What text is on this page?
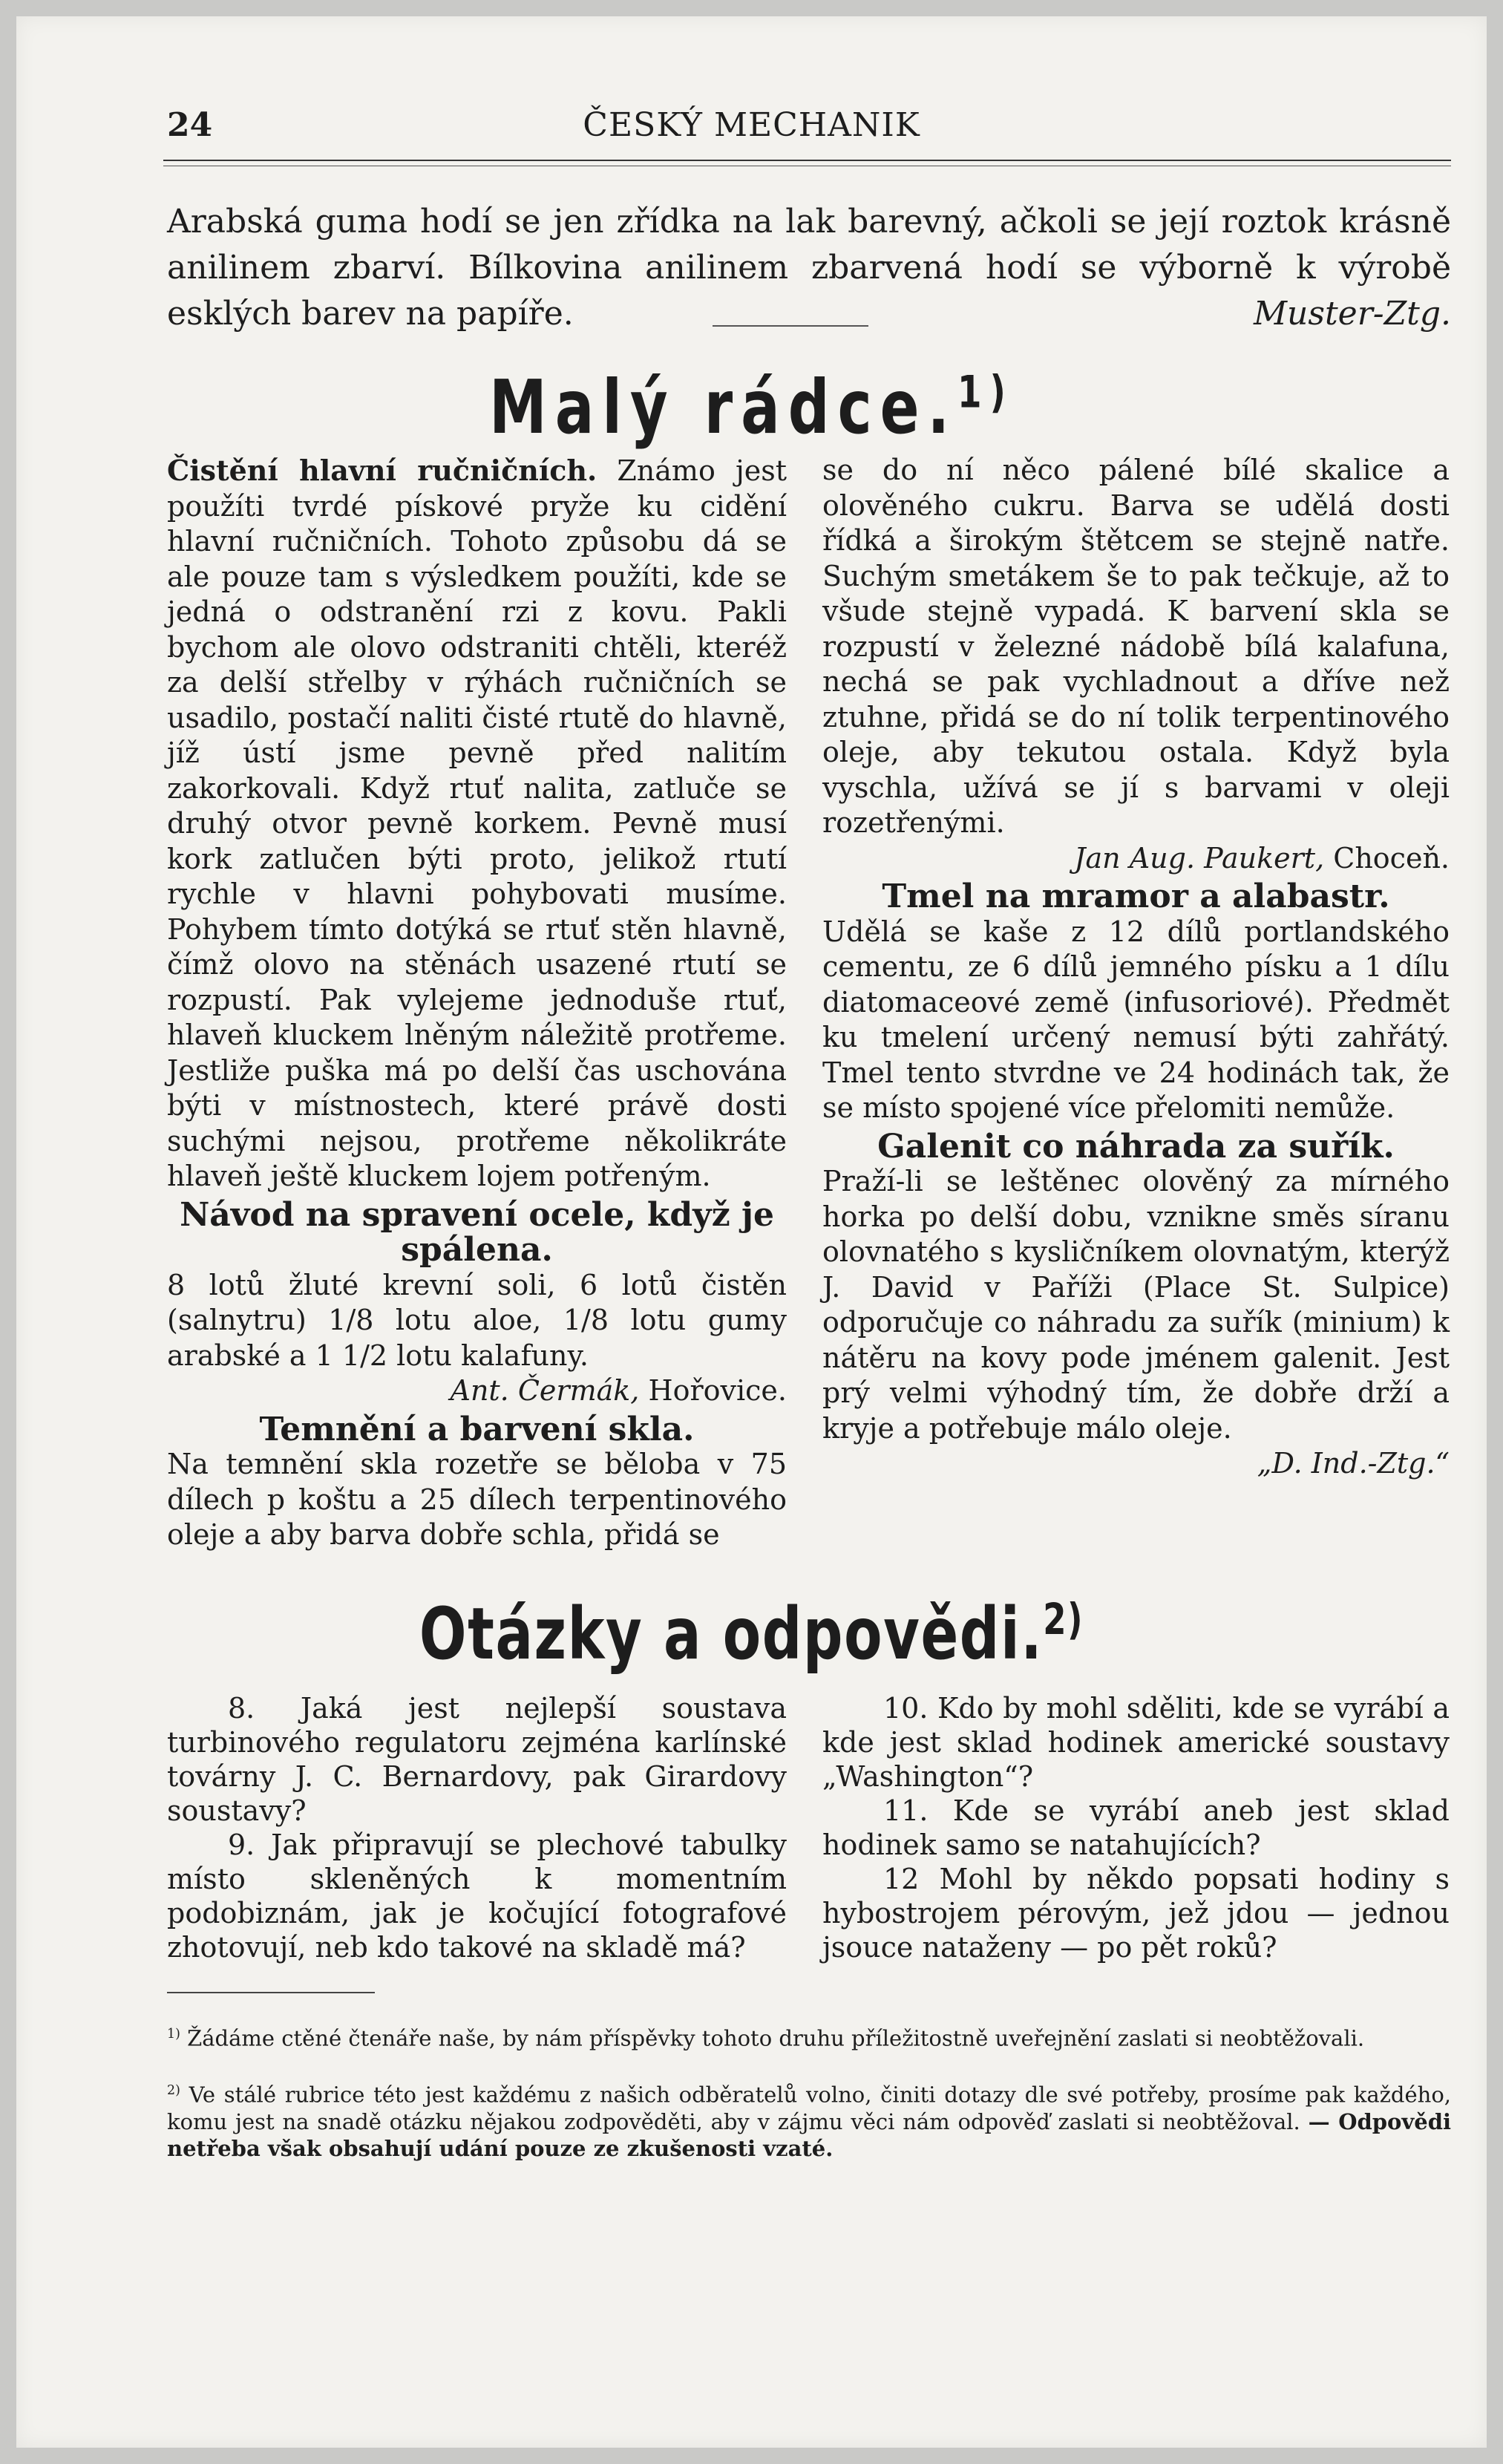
24	ČESKÝ MECHANIK
Arabská guma hodí se jen zřídka na lak barevný, ačkoli se její roztok krásně anilinem zbarví. Bílkovina anilinem zbarvená hodí se výborně k výrobě esklých barev na papíře.	Muster-Ztg.
Malý rádce.$^{1)}$

Čistění hlavní ručničních. Známo jest použíti tvrdé pískové pryže ku cidění hlavní ručničních. Tohoto způsobu dá se ale pouze tam s výsledkem použíti, kde se jedná o odstranění rzi z kovu. Pakli bychom ale olovo odstraniti chtěli, kteréž za delší střelby v rýhách ručničních se usadilo, postačí naliti čisté rtutě do hlavně, jíž ústí jsme pevně před nalitím zakorkovali. Když rtuť nalita, zatluče se druhý otvor pevně korkem. Pevně musí kork zatlučen býti proto, jelikož rtutí rychle v hlavni pohybovati musíme. Pohybem tímto dotýká se rtuť stěn hlavně, čímž olovo na stěnách usazené rtutí se rozpustí. Pak vylejeme jednoduše rtuť, hlaveň kluckem lněným náležitě protřeme. Jestliže puška má po delší čas uschována býti v místnostech, které právě dosti suchými nejsou, protřeme několikráte hlaveň ještě kluckem lojem potřeným.

Návod na spravení ocele, když je spálena.

8 lotů žluté krevní soli, 6 lotů čistěn (salnytru) 1/8 lotu aloe, 1/8 lotu gumy arabské a 1 1/2 lotu kalafuny.

Ant. Čermák, Hořovice.
Temnění a barvení skla.

Na temnění skla rozetře se běloba v 75 dílech p koštu a 25 dílech terpentinového oleje a aby barva dobře schla, přidá se

se do ní něco pálené bílé skalice a olověného cukru. Barva se udělá dosti řídká a širokým štětcem se stejně natře. Suchým smetákem še to pak tečkuje, až to všude stejně vypadá. K barvení skla se rozpustí v železné nádobě bílá kalafuna, nechá se pak vychladnout a dříve než ztuhne, přidá se do ní tolik terpentinového oleje, aby tekutou ostala. Když byla vyschla, užívá se jí s barvami v oleji rozetřenými.

Jan Aug. Paukert, Choceň.
Tmel na mramor a alabastr.

Udělá se kaše z 12 dílů portlandského cementu, ze 6 dílů jemného písku a 1 dílu diatomaceové země (infusoriové). Předmět ku tmelení určený nemusí býti zahřátý. Tmel tento stvrdne ve 24 hodinách tak, že se místo spojené více přelomiti nemůže.

Galenit co náhrada za suřík.

Praží-li se leštěnec olověný za mírného horka po delší dobu, vznikne směs síranu olovnatého s kysličníkem olovnatým, kterýž J. David v Paříži (Place St. Sulpice) odporučuje co náhradu za suřík (minium) k nátěru na kovy pode jménem galenit. Jest prý velmi výhodný tím, že dobře drží a kryje a potřebuje málo oleje.

„D. Ind.-Ztg.“
Otázky a odpovědi.$^{2)}$

8. Jaká jest nejlepší soustava turbinového regulatoru zejména karlínské továrny J. C. Bernardovy, pak Girardovy soustavy?

9. Jak připravují se plechové tabulky místo skleněných k momentním podobiznám, jak je kočující fotografové zhotovují, neb kdo takové na skladě má?

10. Kdo by mohl sděliti, kde se vyrábí a kde jest sklad hodinek americké soustavy „Washington“?

11. Kde se vyrábí aneb jest sklad hodinek samo se natahujících?

12 Mohl by někdo popsati hodiny s hybostrojem pérovým, jež jdou — jednou jsouce nataženy — po pět roků?

$^{1)}$ Žádáme ctěné čtenáře naše, by nám příspěvky tohoto druhu příležitostně uveřejnění zaslati si neobtěžovali.
$^{2)}$ Ve stálé rubrice této jest každému z našich odběratelů volno, činiti dotazy dle své potřeby, prosíme pak každého, komu jest na snadě otázku nějakou zodpověděti, aby v zájmu věci nám odpověď zaslati si neobtěžoval. — Odpovědi netřeba však obsahují udání pouze ze zkušenosti vzaté.
